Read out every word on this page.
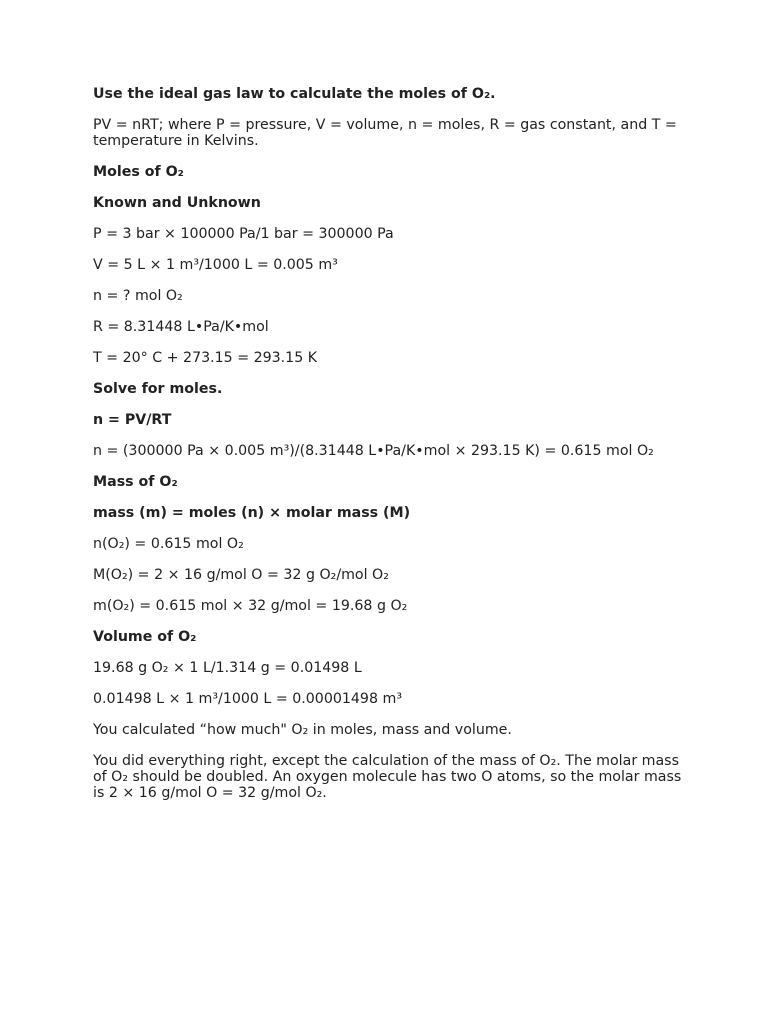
Use the ideal gas law to calculate the moles of O₂.

PV = nRT; where P = pressure, V = volume, n = moles, R = gas constant, and T = temperature in Kelvins.

Moles of O₂

Known and Unknown

P = 3 bar × 100000 Pa/1 bar = 300000 Pa

V = 5 L × 1 m³/1000 L = 0.005 m³

n = ? mol O₂

R = 8.31448 L•Pa/K•mol

T = 20° C + 273.15 = 293.15 K

Solve for moles.

n = PV/RT

n = (300000 Pa × 0.005 m³)/(8.31448 L•Pa/K•mol × 293.15 K) = 0.615 mol O₂

Mass of O₂

mass (m) = moles (n) × molar mass (M)

n(O₂) = 0.615 mol O₂

M(O₂) = 2 × 16 g/mol O = 32 g O₂/mol O₂

m(O₂) = 0.615 mol × 32 g/mol = 19.68 g O₂

Volume of O₂

19.68 g O₂ × 1 L/1.314 g = 0.01498 L

0.01498 L × 1 m³/1000 L = 0.00001498 m³

You calculated “how much" O₂ in moles, mass and volume.

You did everything right, except the calculation of the mass of O₂. The molar mass of O₂ should be doubled. An oxygen molecule has two O atoms, so the molar mass is 2 × 16 g/mol O = 32 g/mol O₂.
